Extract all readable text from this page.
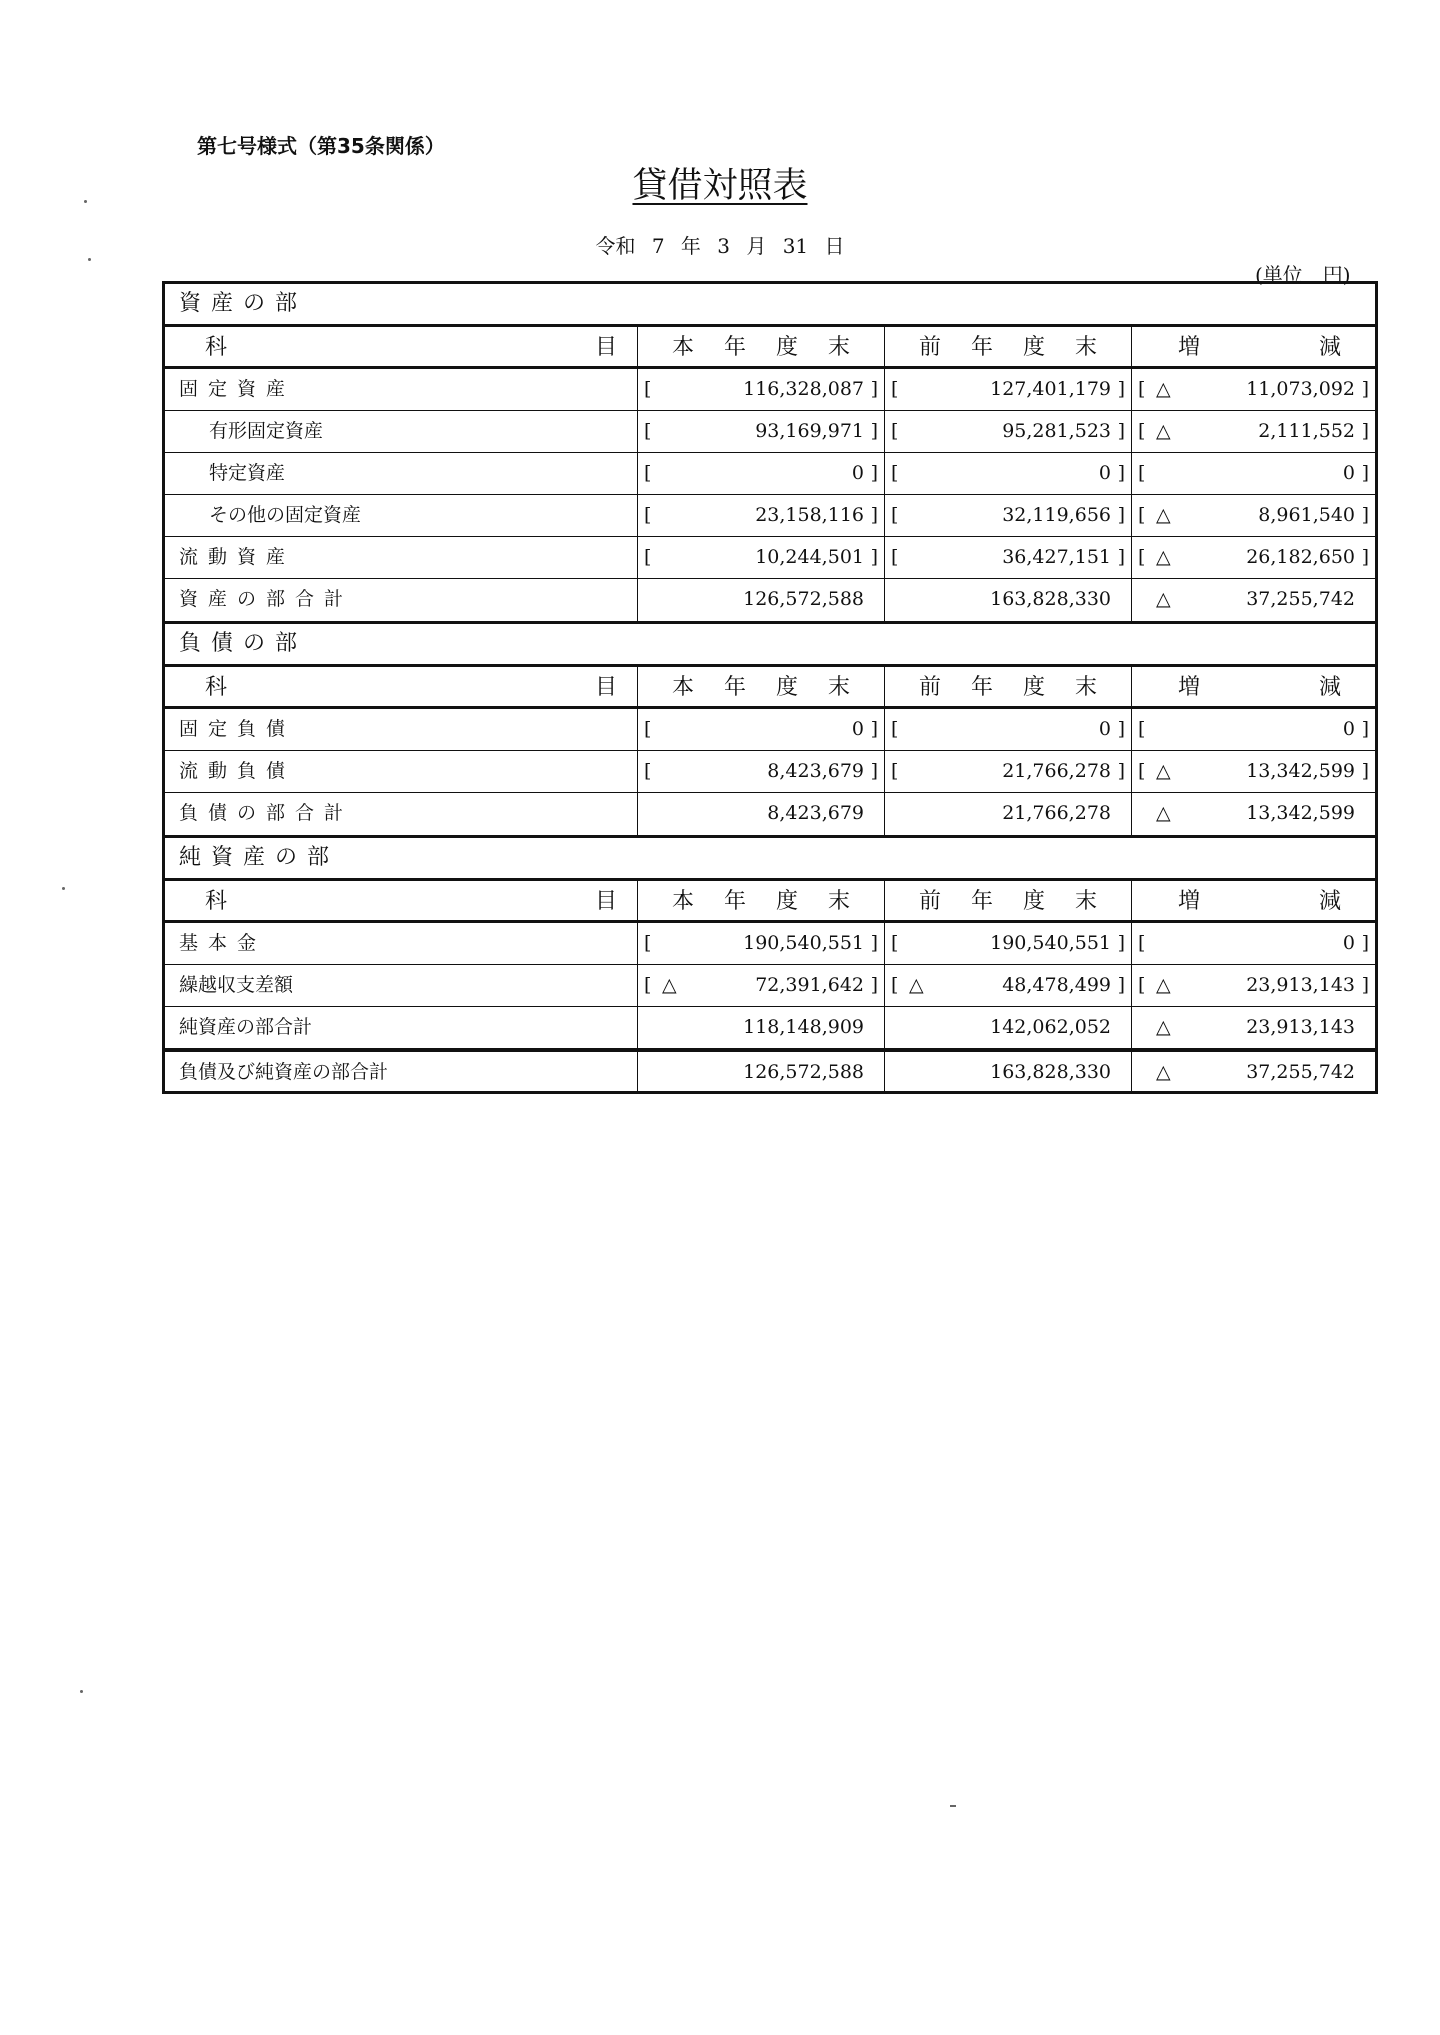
第七号様式（第35条関係）
貸借対照表
令和 7 年 3 月 31 日
(単位　円)
資産の部
科	目	本 年 度 末	前 年 度 末	増	減
固定資産	[	116,328,087 ] [	127,401,179 ] [ △	11,073,092 ]
有形固定資産	[	93,169,971 ] [	95,281,523 ] [ △	2,111,552 ]
特定資産	[	0 ] [	0 ] [	0 ]
その他の固定資産	[	23,158,116 ] [	32,119,656 ] [ △	8,961,540 ]
流動資産	[	10,244,501 ] [	36,427,151 ] [ △	26,182,650 ]
資産の部合計	126,572,588	163,828,330 △	37,255,742
負債の部
科	目	本 年 度 末	前 年 度 末	増	減
固定負債	[	0 ] [	0 ] [	0 ]
流動負債	[	8,423,679 ] [	21,766,278 ] [ △	13,342,599 ]
負債の部合計	8,423,679	21,766,278 △	13,342,599
純資産の部
科	目	本 年 度 末	前 年 度 末	増	減
基本金	[	190,540,551 ] [	190,540,551 ] [	0 ]
繰越収支差額	[ △	72,391,642 ] [ △	48,478,499 ] [ △	23,913,143 ]
純資産の部合計	118,148,909	142,062,052 △	23,913,143
負債及び純資産の部合計	126,572,588	163,828,330 △	37,255,742
